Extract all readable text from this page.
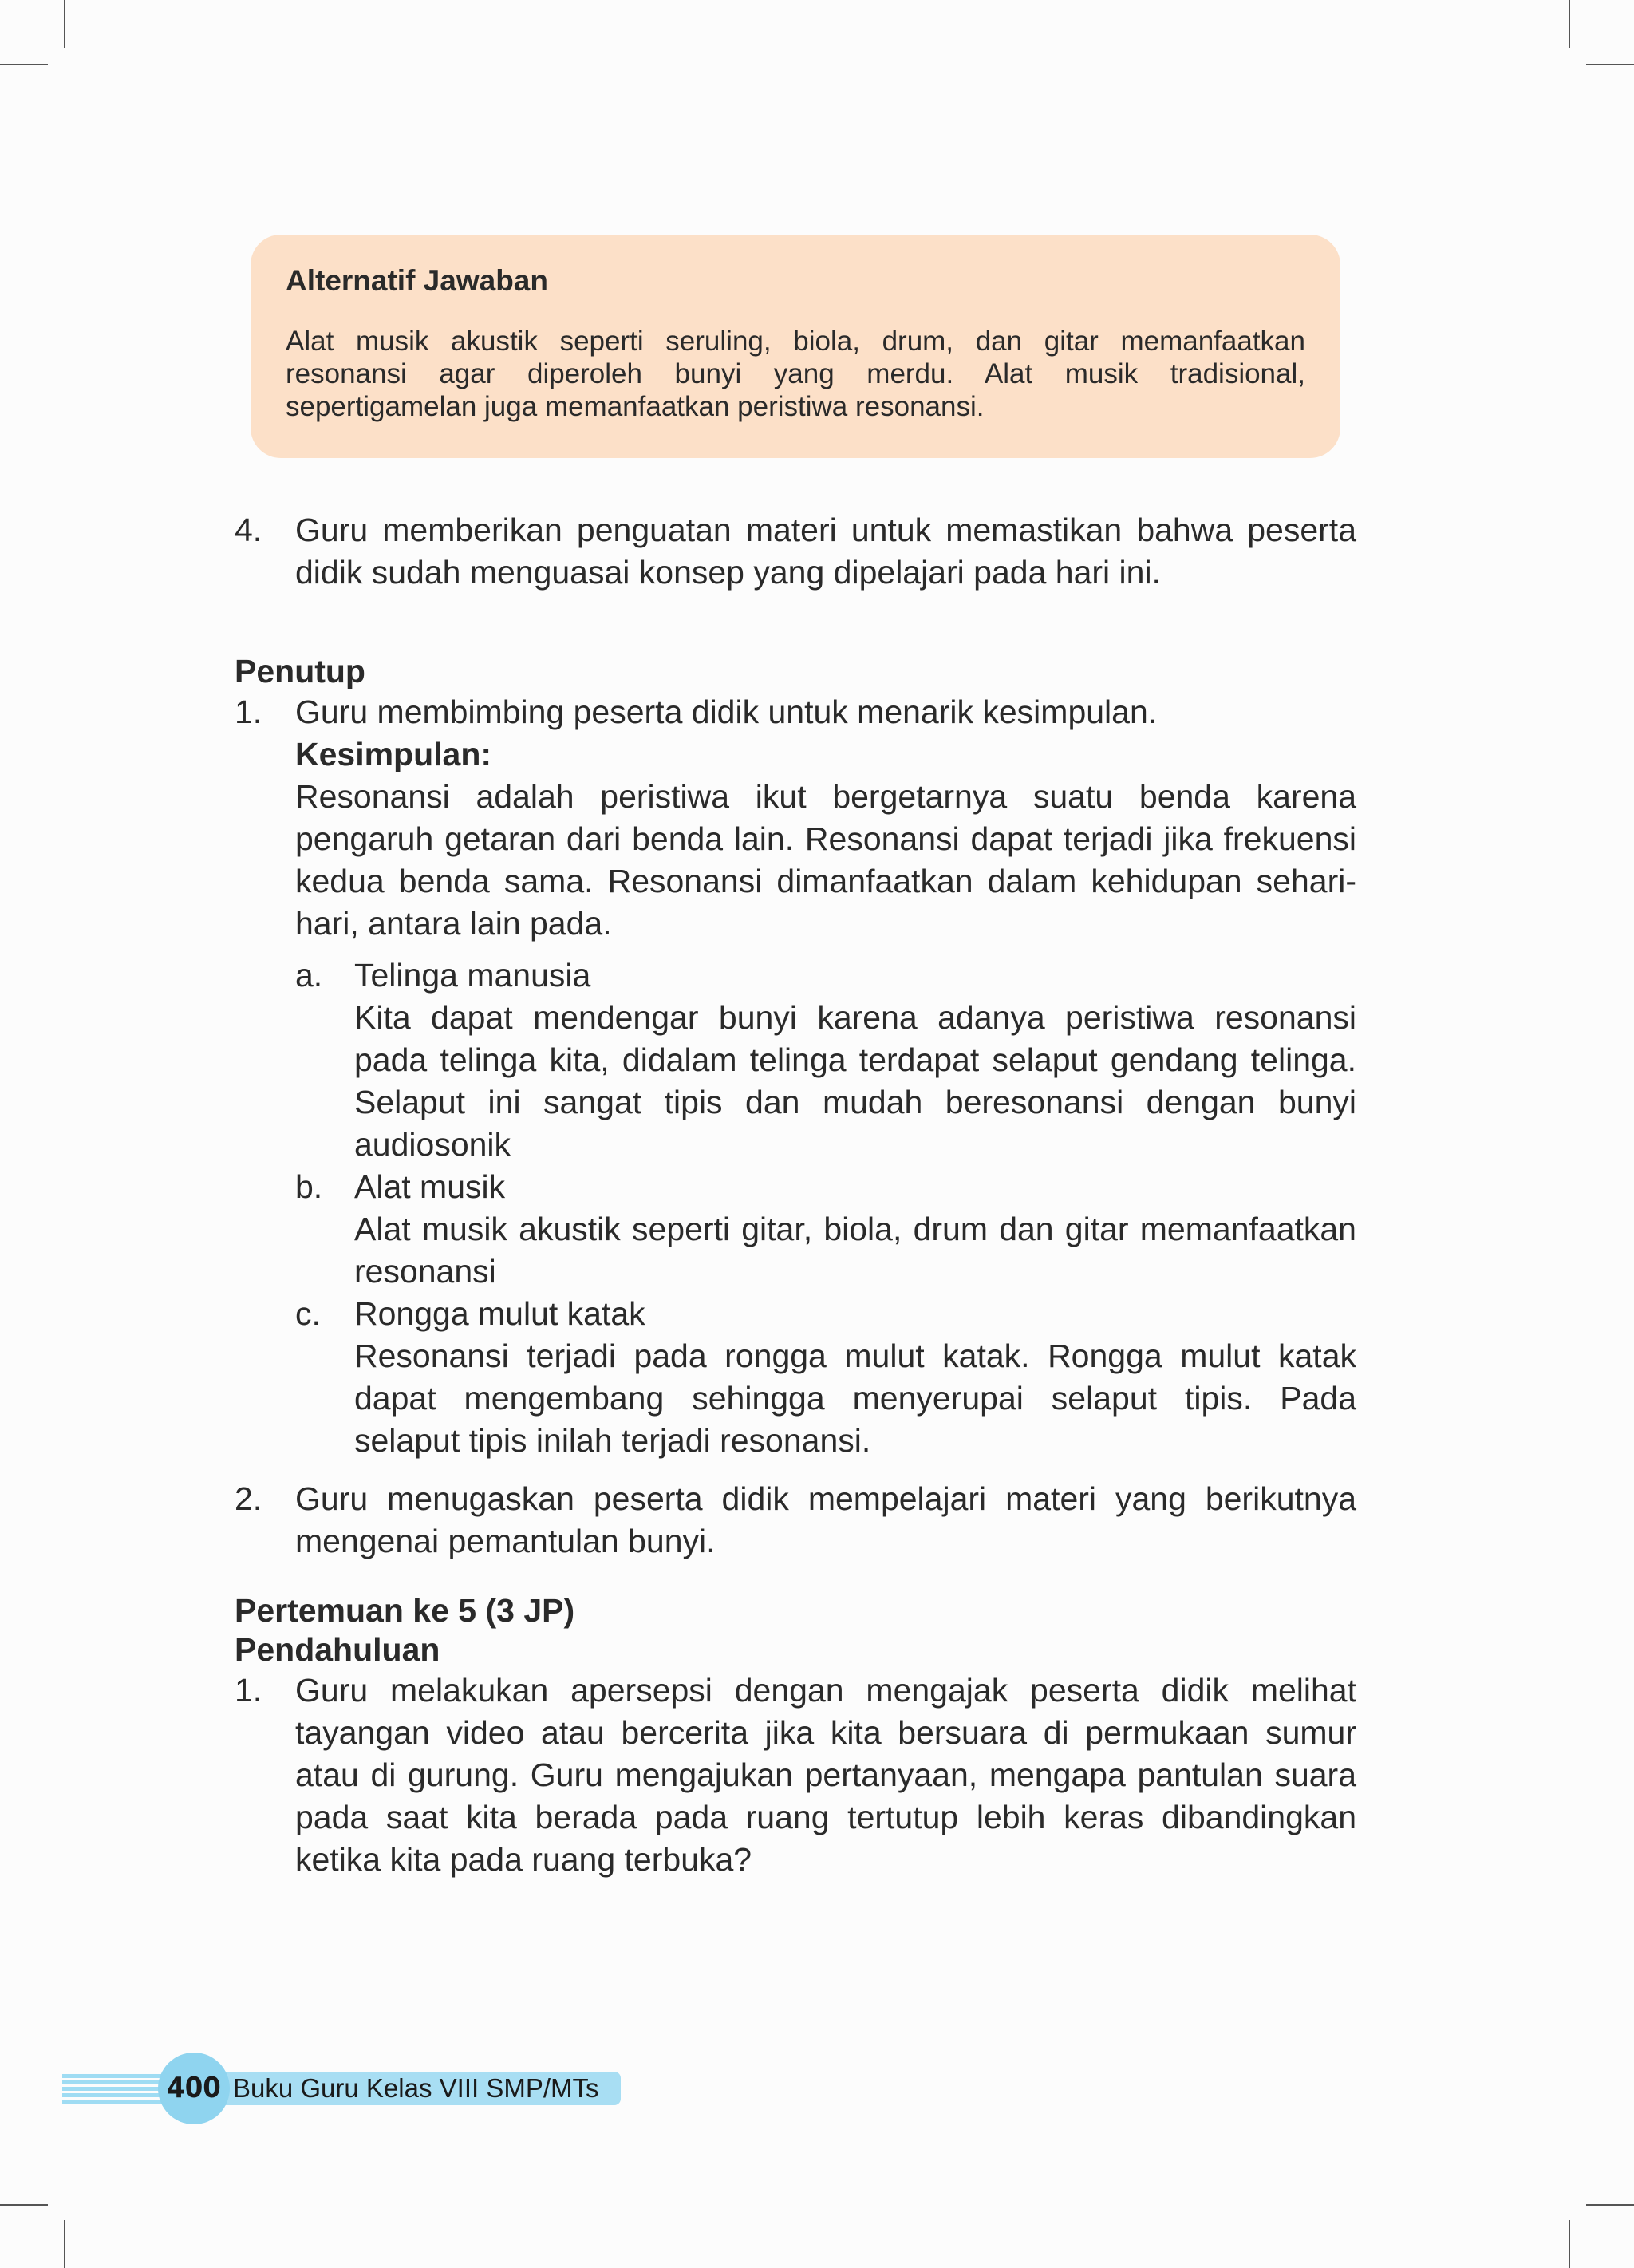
Alternatif Jawaban
Alat musik akustik seperti seruling, biola, drum, dan gitar memanfaatkan resonansi agar diperoleh bunyi yang merdu. Alat musik tradisional, sepertigamelan juga memanfaatkan peristiwa resonansi.
4.	Guru memberikan penguatan materi untuk memastikan bahwa peserta didik sudah menguasai konsep yang dipelajari pada hari ini.
Penutup
1.	Guru membimbing peserta didik untuk menarik kesimpulan.
Kesimpulan:
Resonansi adalah peristiwa ikut bergetarnya suatu benda karena pengaruh getaran dari benda lain. Resonansi dapat terjadi jika frekuensi kedua benda sama. Resonansi dimanfaatkan dalam kehidupan sehari-hari, antara lain pada.
a. Telinga manusia
Kita dapat mendengar bunyi karena adanya peristiwa resonansi pada telinga kita, didalam telinga terdapat selaput gendang telinga. Selaput ini sangat tipis dan mudah beresonansi dengan bunyi audiosonik
b. Alat musik
Alat musik akustik seperti gitar, biola, drum dan gitar memanfaatkan resonansi
c.	Rongga mulut katak
Resonansi terjadi pada rongga mulut katak. Rongga mulut katak dapat mengembang sehingga menyerupai selaput tipis. Pada selaput tipis inilah terjadi resonansi.
2.	Guru menugaskan peserta didik mempelajari materi yang berikutnya mengenai pemantulan bunyi.
Pertemuan ke 5 (3 JP)
Pendahuluan
1.	Guru melakukan apersepsi dengan mengajak peserta didik melihat tayangan video atau bercerita jika kita bersuara di permukaan sumur atau di gurung. Guru mengajukan pertanyaan, mengapa pantulan suara pada saat kita berada pada ruang tertutup lebih keras dibandingkan ketika kita pada ruang terbuka?
400 Buku Guru Kelas VIII SMP/MTs
